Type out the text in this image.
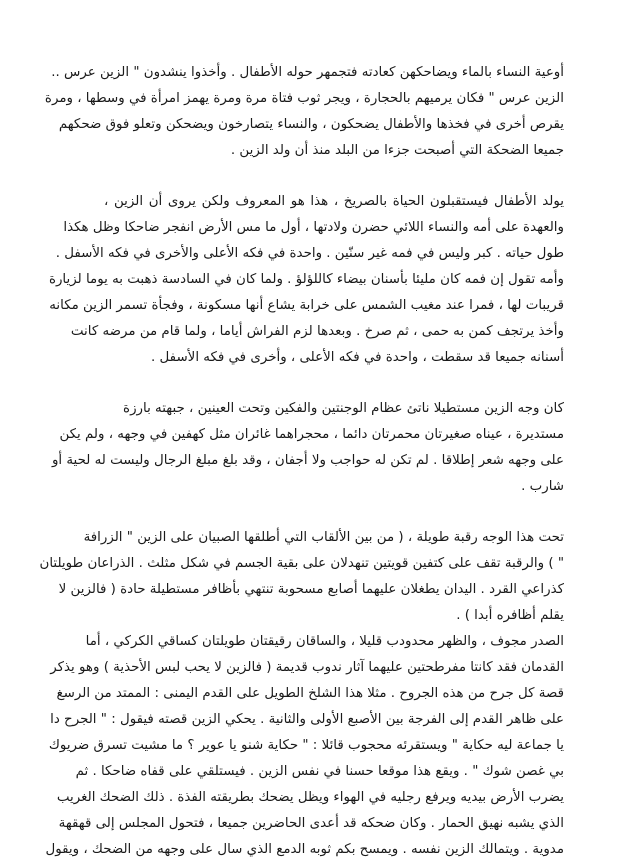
أوعية النساء بالماء ويضاحكهن كعادته فتجمهر حوله الأطفال . وأخذوا ينشدون " الزين عرس ..
الزين عرس " فكان يرميهم بالحجارة ، ويجر ثوب فتاة مرة ومرة يهمز امرأة في وسطها ، ومرة
يقرص أخرى في فخذها والأطفال يضحكون ، والنساء يتصارخون ويضحكن وتعلو فوق ضحكهم
جميعا الضحكة التي أصبحت جزءا من البلد منذ أن ولد الزين .
يولد الأطفال فيستقبلون الحياة بالصريخ ، هذا هو المعروف ولكن يروى أن الزين ،
والعهدة على أمه والنساء اللائي حضرن ولادتها ، أول ما مس الأرض انفجر ضاحكا وظل هكذا
طول حياته . كبر وليس في فمه غير سنّين . واحدة في فكه الأعلى والأخرى في فكه الأسفل .
وأمه تقول إن فمه كان مليئا بأسنان بيضاء كاللؤلؤ . ولما كان في السادسة ذهبت به يوما لزيارة
قريبات لها ، فمرا عند مغيب الشمس على خرابة يشاع أنها مسكونة ، وفجأة تسمر الزين مكانه
وأخذ يرتجف كمن به حمى ، ثم صرخ . وبعدها لزم الفراش أياما ، ولما قام من مرضه كانت
أسنانه جميعا قد سقطت ، واحدة في فكه الأعلى ، وأخرى في فكه الأسفل .
كان وجه الزين مستطيلا ناتئ عظام الوجنتين والفكين وتحت العينين ، جبهته بارزة
مستديرة ، عيناه صغيرتان محمرتان دائما ، محجراهما غائران مثل كهفين في وجهه ، ولم يكن
على وجهه شعر إطلاقا . لم تكن له حواجب ولا أجفان ، وقد بلغ مبلغ الرجال وليست له لحية أو
شارب .
تحت هذا الوجه رقبة طويلة ، ( من بين الألقاب التي أطلقها الصبيان على الزين " الزرافة
" ) والرقبة تقف على كتفين قويتين تنهدلان على بقية الجسم في شكل مثلث . الذراعان طويلتان
كذراعي القرد . اليدان يطغلان عليهما أصابع مسحوبة تنتهي بأظافر مستطيلة حادة ( فالزين لا
يقلم أظافره أبدا ) .
الصدر مجوف ، والظهر محدودب قليلا ، والساقان رقيقتان طويلتان كساقي الكركي ، أما
القدمان فقد كانتا مفرطحتين عليهما آثار ندوب قديمة ( فالزين لا يحب لبس الأحذية ) وهو يذكر
قصة كل جرح من هذه الجروح . مثلا هذا الشلخ الطويل على القدم اليمنى : الممتد من الرسغ
على ظاهر القدم إلى الفرجة بين الأصبع الأولى والثانية . يحكي الزين قصته فيقول : " الجرح دا
يا جماعة ليه حكاية " ويستقرئه محجوب قائلا : " حكاية شنو يا عوير ؟ ما مشيت تسرق ضريوك
بي غصن شوك " . ويقع هذا موقعا حسنا في نفس الزين . فيستلقي على قفاه ضاحكا . ثم
يضرب الأرض بيديه ويرفع رجليه في الهواء ويظل يضحك بطريقته الفذة . ذلك الضحك الغريب
الذي يشبه نهيق الحمار . وكان ضحكه قد أعدى الحاضرين جميعا ، فتحول المجلس إلى قهقهة
مدوية . ويتمالك الزين نفسه . ويمسح بكم ثوبه الدمع الذي سال على وجهه من الضحك ، ويقول
